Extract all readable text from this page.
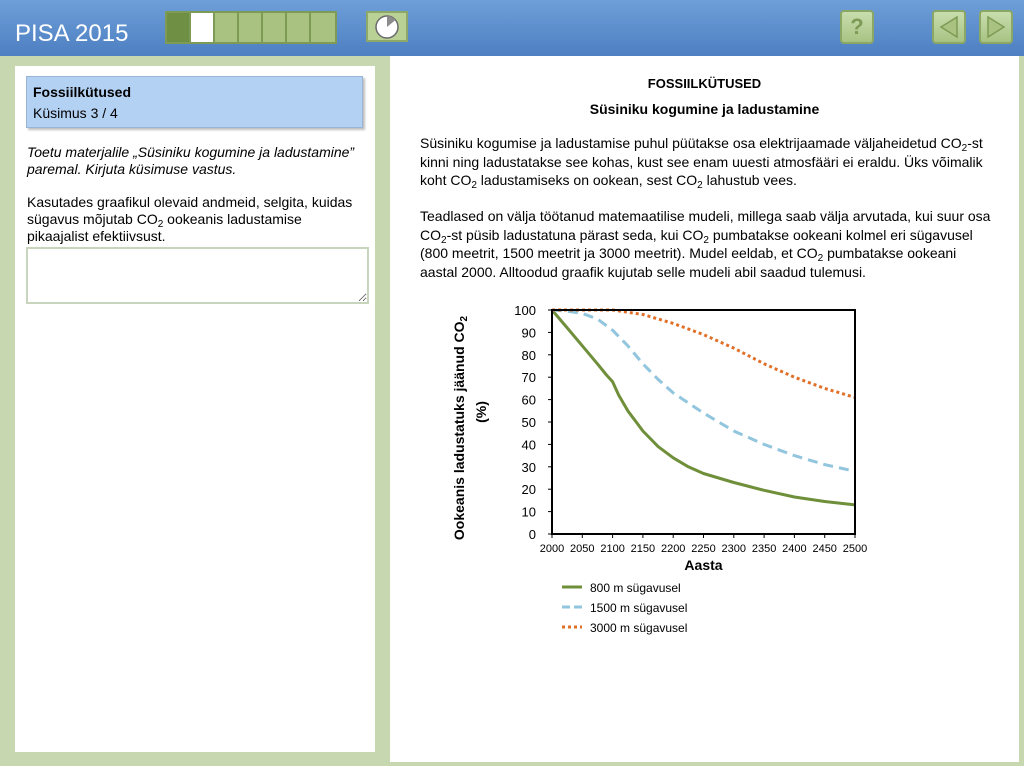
PISA 2015	?
Fossiilkütused
Küsimus 3 / 4
Toetu materjalile „Süsiniku kogumine ja ladustamine” paremal. Kirjuta küsimuse vastus.
Kasutades graafikul olevaid andmeid, selgita, kuidas sügavus mõjutab $CO_2$ ookeanis ladustamise pikaajalist efektiivsust.
FOSSIILKÜTUSED
Süsiniku kogumine ja ladustamine
Süsiniku kogumise ja ladustamise puhul püütakse osa elektrijaamade väljaheidetud $CO_2-st$ kinni ning ladustatakse see kohas, kust see enam uuesti atmosfääri ei eraldu. Üks võimalik koht $CO_2$ ladustamiseks on ookean, sest $CO_2$ lahustub vees.
Teadlased on välja töötanud matemaatilise mudeli, millega saab välja arvutada, kui suur osa $CO_2-st$ püsib ladustatuna pärast seda, kui $CO_2$ pumbatakse ookeani kolmel eri sügavusel (800 meetrit, 1500 meetrit ja 3000 meetrit). Mudel eeldab, et $CO_2$ pumbatakse ookeani aastal 2000. Alltoodud graafik kujutab selle mudeli abil saadud tulemusi.
0
10
20
30
40
50
60
70
80
90
100
2000 2050 2100 2150 2200 2250 2300 2350 2400 2450 2500
Aasta
Ookeanis ladustatuks jäänud $CO_2$
(%)
800 m sügavusel
1500 m sügavusel
3000 m sügavusel
